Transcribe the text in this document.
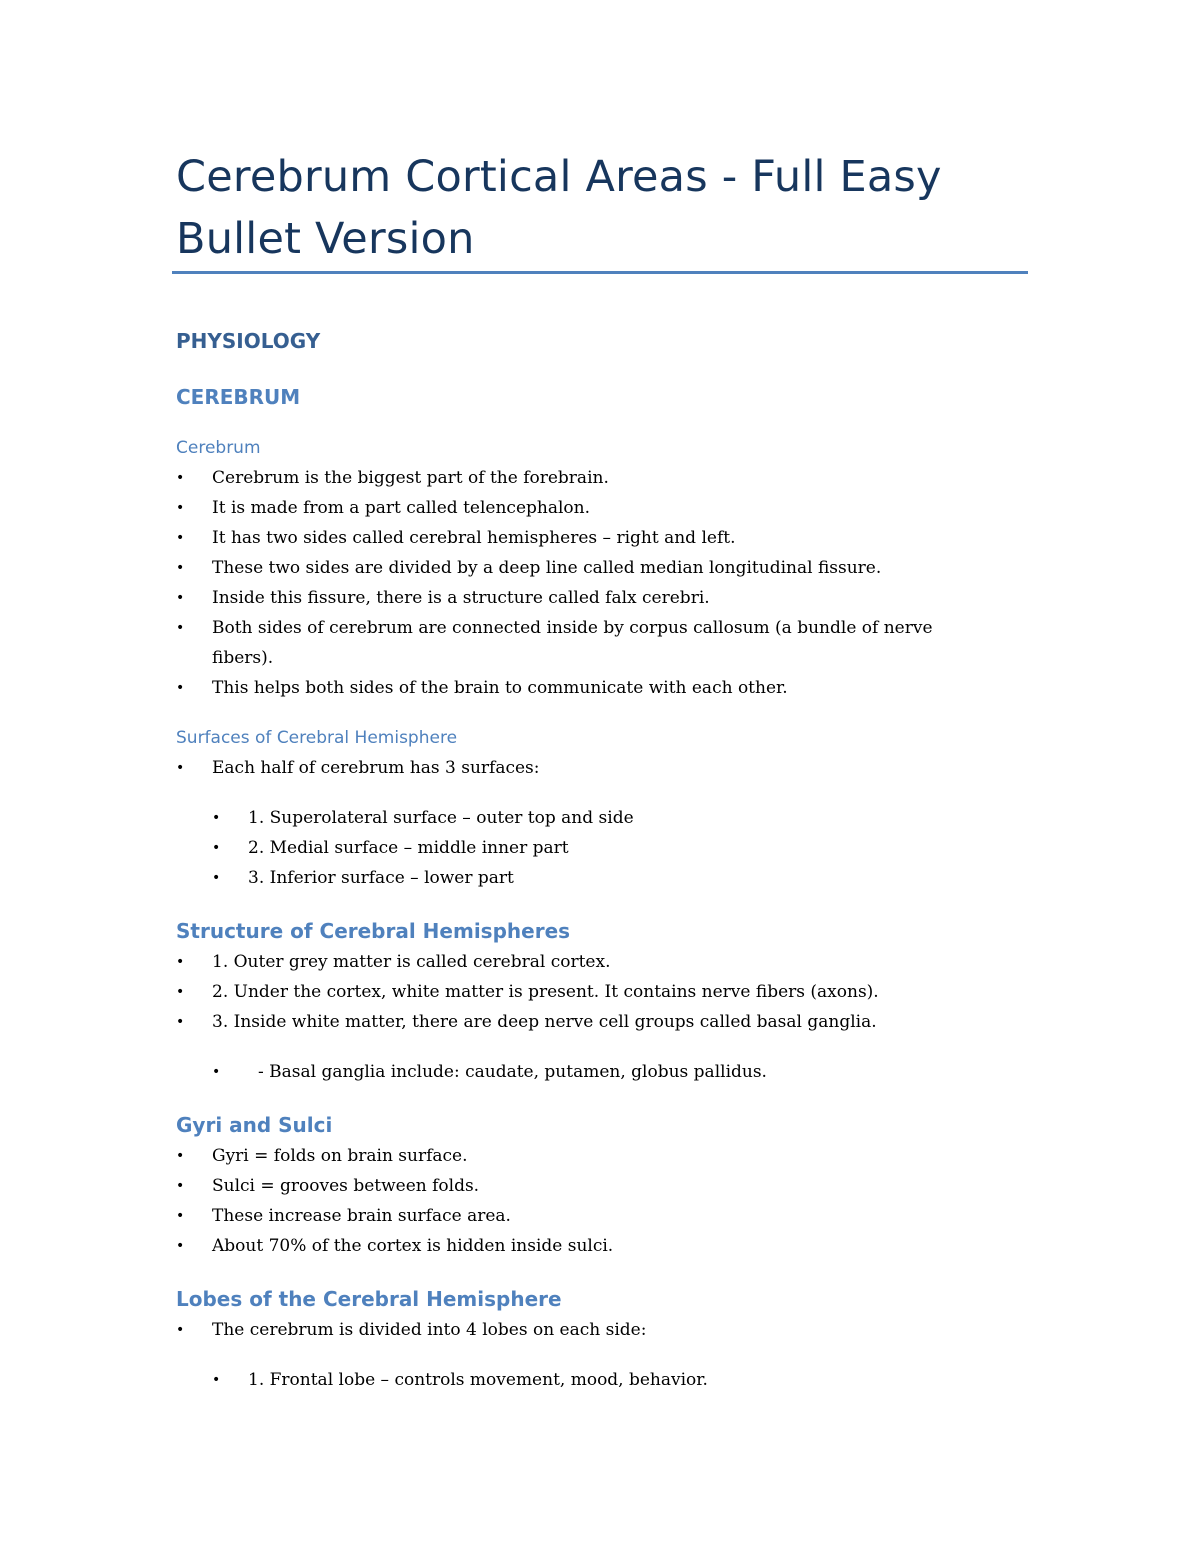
Cerebrum Cortical Areas - Full Easy Bullet Version
PHYSIOLOGY
CEREBRUM
Cerebrum
• Cerebrum is the biggest part of the forebrain.
• It is made from a part called telencephalon.
• It has two sides called cerebral hemispheres – right and left.
• These two sides are divided by a deep line called median longitudinal fissure.
• Inside this fissure, there is a structure called falx cerebri.
• Both sides of cerebrum are connected inside by corpus callosum (a bundle of nerve fibers).
• This helps both sides of the brain to communicate with each other.
Surfaces of Cerebral Hemisphere
• Each half of cerebrum has 3 surfaces:
• 1. Superolateral surface – outer top and side
• 2. Medial surface – middle inner part
• 3. Inferior surface – lower part
Structure of Cerebral Hemispheres
• 1. Outer grey matter is called cerebral cortex.
• 2. Under the cortex, white matter is present. It contains nerve fibers (axons).
• 3. Inside white matter, there are deep nerve cell groups called basal ganglia.
• - Basal ganglia include: caudate, putamen, globus pallidus.
Gyri and Sulci
• Gyri = folds on brain surface.
• Sulci = grooves between folds.
• These increase brain surface area.
• About 70% of the cortex is hidden inside sulci.
Lobes of the Cerebral Hemisphere
• The cerebrum is divided into 4 lobes on each side:
• 1. Frontal lobe – controls movement, mood, behavior.
